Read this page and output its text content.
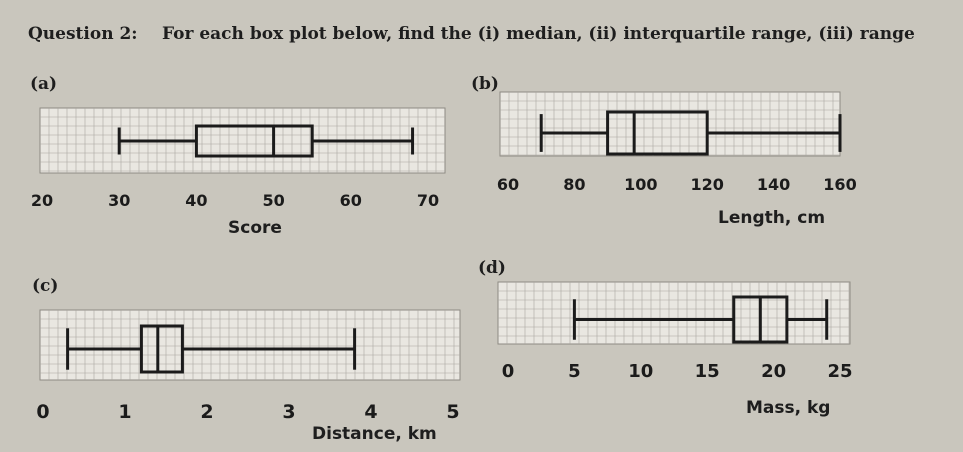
Question 2: For each box plot below, find the (i) median, (ii) interquartile range, (iii) range
(a)
20	30	40	50	60	70
Score
(b)
60	80 100 120 140 160
Length, cm
(c)
0	1	2	3	4	5
Distance, km
(d)
0	5	10 15 20 25
Mass, kg
